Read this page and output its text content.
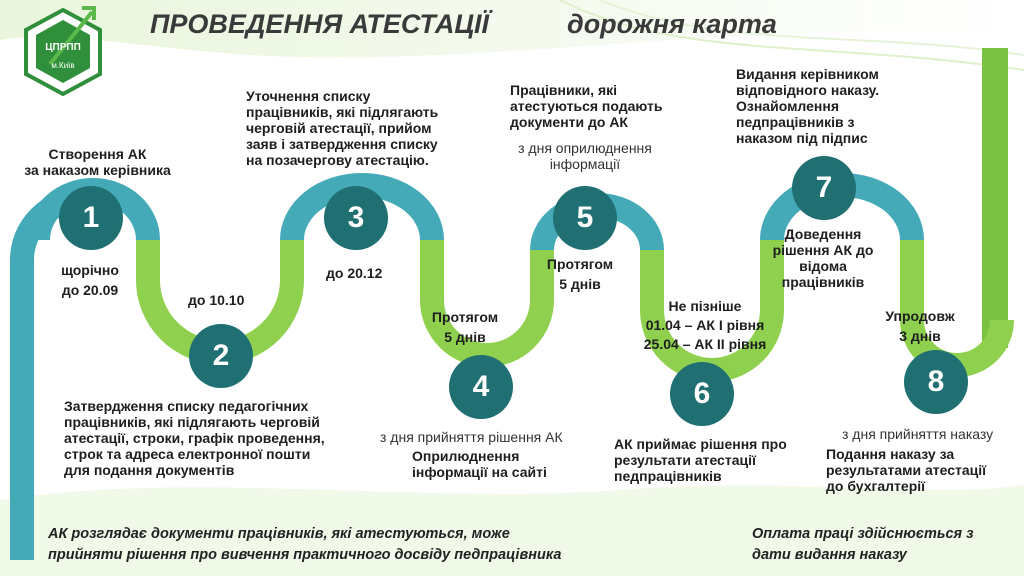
ЦПРПП
м.Київ
ПРОВЕДЕННЯ АТЕСТАЦІЇ	дорожня карта
1
2
3
4
5
6
7
8
Створення АК
за наказом керівника
щорічно
до 20.09
до 10.10
Затвердження списку педагогічних
працівників, які підлягають черговій
атестації, строки, графік проведення,
строк та адреса електронної пошти
для подання документів
Уточнення списку
працівників, які підлягають
черговій атестації, прийом
заяв і затвердження списку
на позачергову атестацію.
до 20.12
Протягом
5 днів
з дня прийняття рішення АК
Оприлюднення
інформації на сайті
Працівники, які
атестуються подають
документи до АК
з дня оприлюднення
інформації
Протягом
5 днів
Не пізніше
01.04 – АК I рівня
25.04 – АК II рівня
АК приймає рішення про
результати атестації
педпрацівників
Видання керівником
відповідного наказу.
Ознайомлення
педпрацівників з
наказом під підпис
Доведення
рішення АК до
відома
працівників
Упродовж
3 днів
з дня прийняття наказу
Подання наказу за
результатами атестації
до бухгалтерії
АК розглядає документи працівників, які атестуються, може
прийняти рішення про вивчення практичного досвіду педпрацівника
Оплата праці здійснюється з
дати видання наказу
